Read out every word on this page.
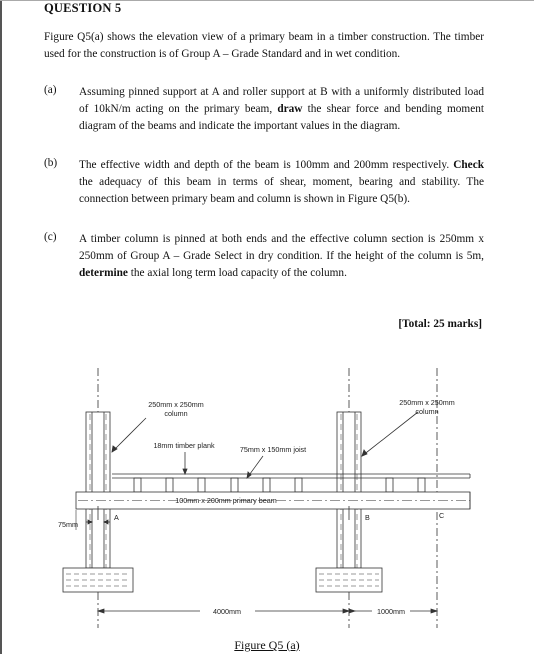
QUESTION 5
Figure Q5(a) shows the elevation view of a primary beam in a timber construction. The timber used for the construction is of Group A – Grade Standard and in wet condition.
(a) Assuming pinned support at A and roller support at B with a uniformly distributed load of 10kN/m acting on the primary beam, draw the shear force and bending moment diagram of the beams and indicate the important values in the diagram.
(b) The effective width and depth of the beam is 100mm and 200mm respectively. Check the adequacy of this beam in terms of shear, moment, bearing and stability. The connection between primary beam and column is shown in Figure Q5(b).
(c) A timber column is pinned at both ends and the effective column section is 250mm x 250mm of Group A – Grade Select in dry condition. If the height of the column is 5m, determine the axial long term load capacity of the column.
[Total: 25 marks]
250mm x 250mm
column
250mm x 250mm
column
18mm timber plank	75mm x 150mm joist
100mm x 200mm primary beam
A	B	C
75mm
4000mm	1000mm
Figure Q5 (a)
